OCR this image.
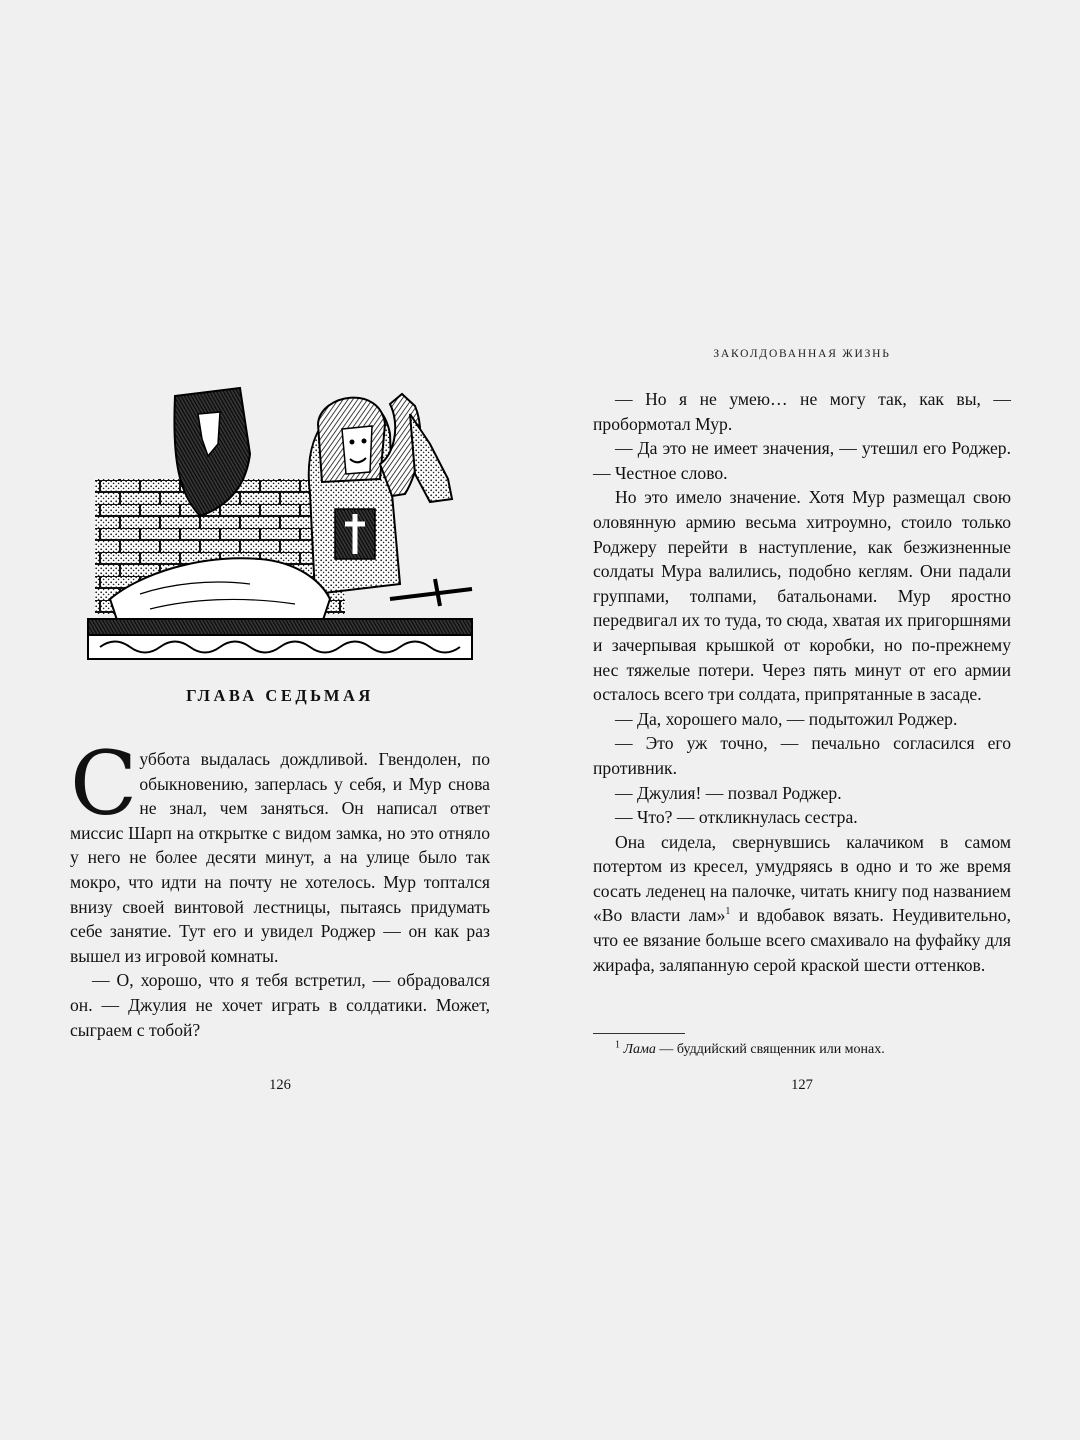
ГЛАВА СЕДЬМАЯ

Суббота выдалась дождливой. Гвендолен, по обыкновению, заперлась у себя, и Мур снова не знал, чем заняться. Он написал ответ миссис Шарп на открытке с видом замка, но это отняло у него не более десяти минут, а на улице было так мокро, что идти на почту не хотелось. Мур топтался внизу своей винтовой лестницы, пытаясь придумать себе занятие. Тут его и увидел Роджер — он как раз вышел из игровой комнаты.

— О, хорошо, что я тебя встретил, — обрадовался он. — Джулия не хочет играть в солдатики. Может, сыграем с тобой?

126
ЗАКОЛДОВАННАЯ ЖИЗНЬ

— Но я не умею… не могу так, как вы, — пробормотал Мур.

— Да это не имеет значения, — утешил его Роджер. — Честное слово.

Но это имело значение. Хотя Мур размещал свою оловянную армию весьма хитроумно, стоило только Роджеру перейти в наступление, как безжизненные солдаты Мура валились, подобно кеглям. Они падали группами, толпами, батальонами. Мур яростно передвигал их то туда, то сюда, хватая их пригоршнями и зачерпывая крышкой от коробки, но по-прежнему нес тяжелые потери. Через пять минут от его армии осталось всего три солдата, припрятанные в засаде.

— Да, хорошего мало, — подытожил Роджер.

— Это уж точно, — печально согласился его противник.

— Джулия! — позвал Роджер.

— Что? — откликнулась сестра.

Она сидела, свернувшись калачиком в самом потертом из кресел, умудряясь в одно и то же время сосать леденец на палочке, читать книгу под названием «Во власти лам»$^1$ и вдобавок вязать. Неудивительно, что ее вязание больше всего смахивало на фуфайку для жирафа, заляпанную серой краской шести оттенков.

$^1$ Лама — буддийский священник или монах.
127
